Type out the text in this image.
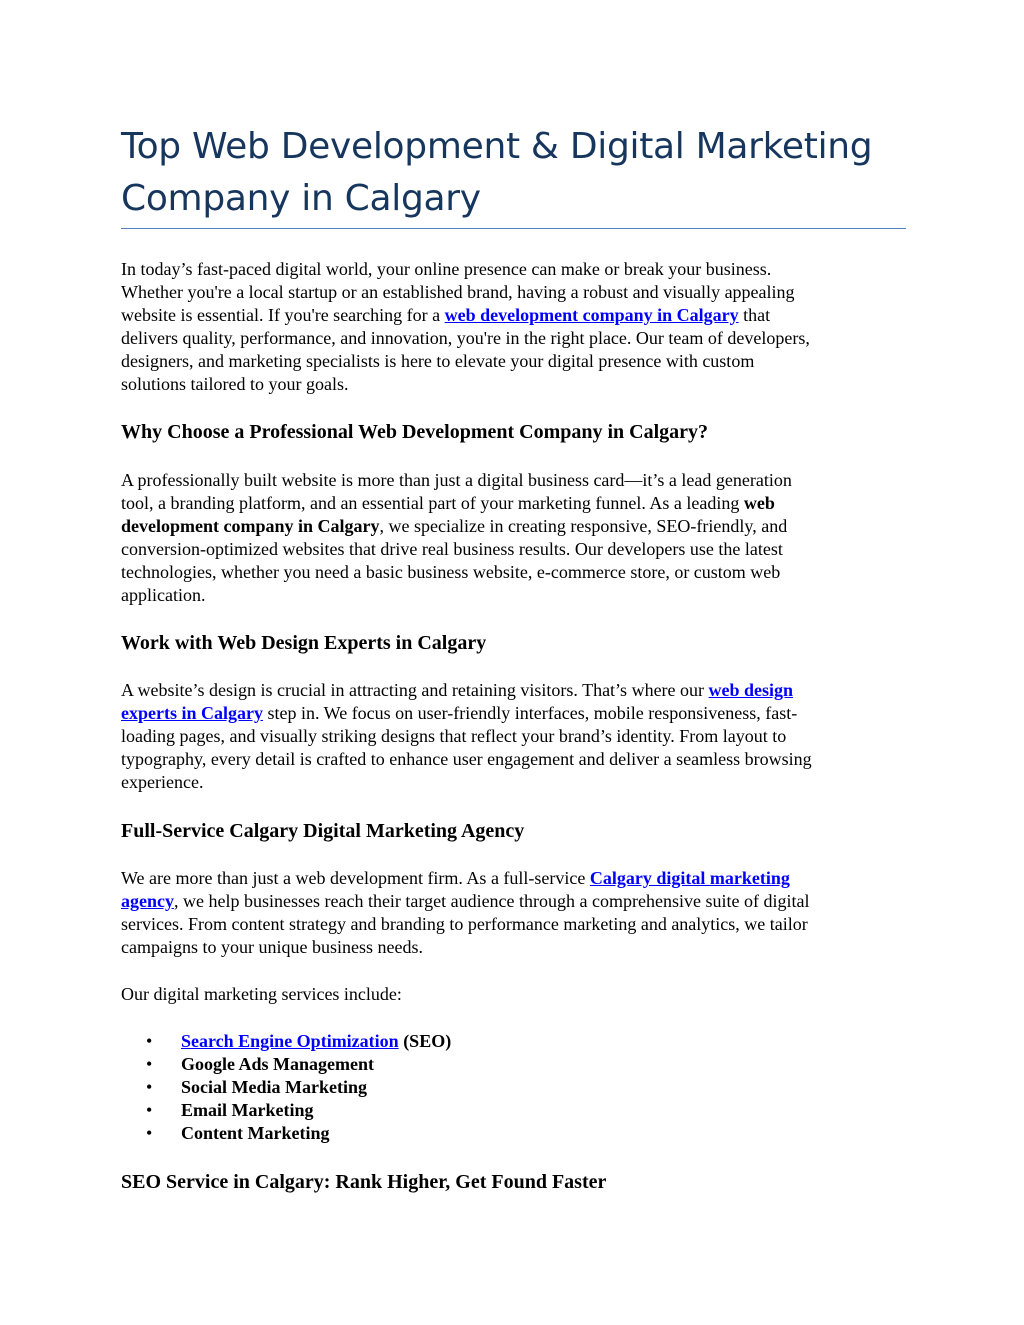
Top Web Development & Digital Marketing Company in Calgary

In today’s fast-paced digital world, your online presence can make or break your business.
Whether you're a local startup or an established brand, having a robust and visually appealing
website is essential. If you're searching for a web development company in Calgary that
delivers quality, performance, and innovation, you're in the right place. Our team of developers,
designers, and marketing specialists is here to elevate your digital presence with custom
solutions tailored to your goals.

Why Choose a Professional Web Development Company in Calgary?

A professionally built website is more than just a digital business card—it’s a lead generation
tool, a branding platform, and an essential part of your marketing funnel. As a leading web
development company in Calgary, we specialize in creating responsive, SEO-friendly, and
conversion-optimized websites that drive real business results. Our developers use the latest
technologies, whether you need a basic business website, e-commerce store, or custom web
application.

Work with Web Design Experts in Calgary

A website’s design is crucial in attracting and retaining visitors. That’s where our web design
experts in Calgary step in. We focus on user-friendly interfaces, mobile responsiveness, fast-
loading pages, and visually striking designs that reflect your brand’s identity. From layout to
typography, every detail is crafted to enhance user engagement and deliver a seamless browsing
experience.

Full-Service Calgary Digital Marketing Agency

We are more than just a web development firm. As a full-service Calgary digital marketing
agency, we help businesses reach their target audience through a comprehensive suite of digital
services. From content strategy and branding to performance marketing and analytics, we tailor
campaigns to your unique business needs.

Our digital marketing services include:

• Search Engine Optimization (SEO)
• Google Ads Management
• Social Media Marketing
• Email Marketing
• Content Marketing
SEO Service in Calgary: Rank Higher, Get Found Faster
